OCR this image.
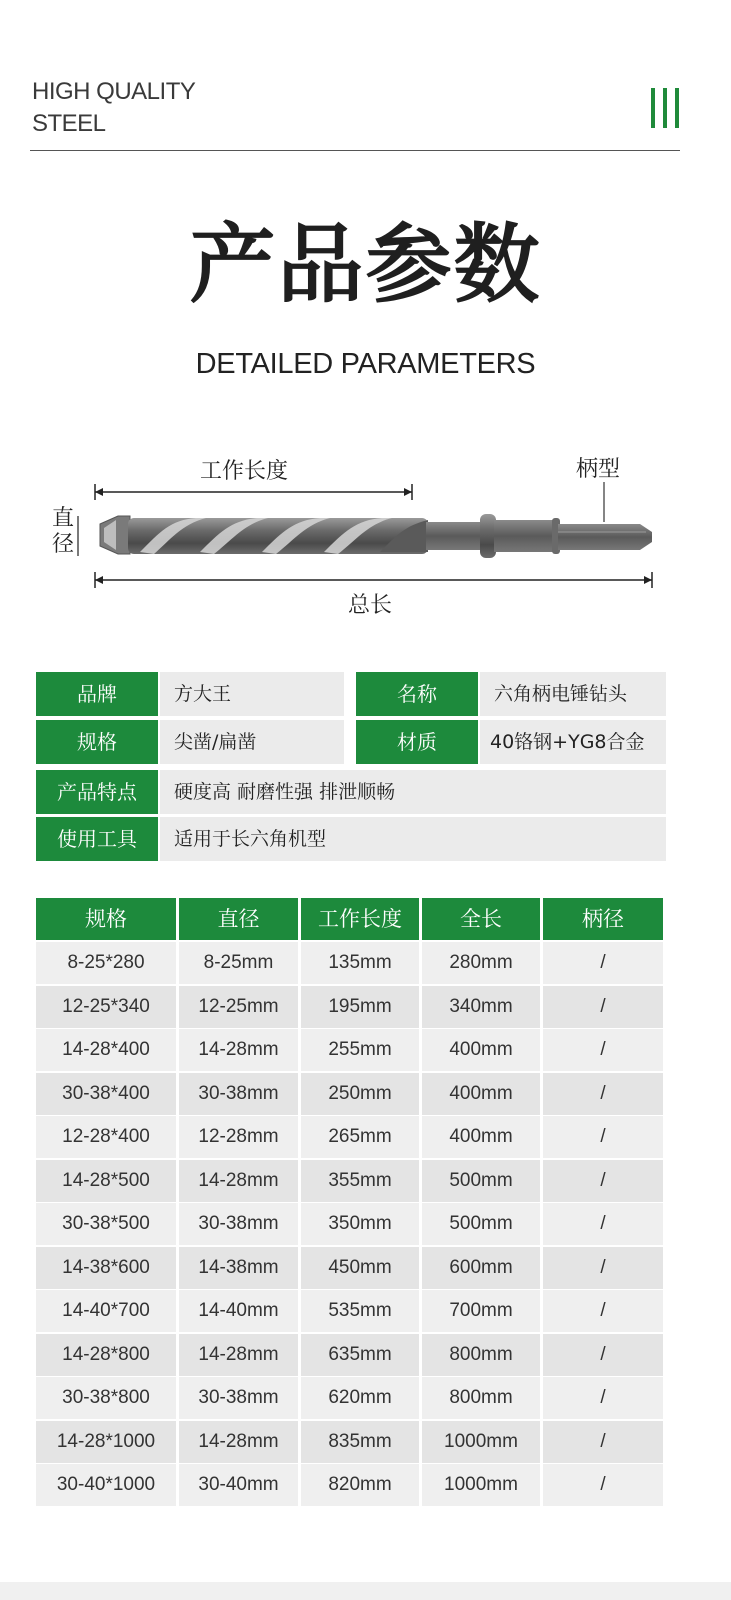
HIGH QUALITY
STEEL
产品参数
DETAILED PARAMETERS
工作长度	柄型
直
径
总长
品牌	方大王	名称	六角柄电锤钻头
规格	尖凿/扁凿	材质	40铬钢+YG8合金
产品特点	硬度高 耐磨性强 排泄顺畅
使用工具	适用于长六角机型
规格	直径	工作长度	全长	柄径
8-25*280	8-25mm	135mm	280mm	/
12-25*340	12-25mm	195mm	340mm	/
14-28*400	14-28mm	255mm	400mm	/
30-38*400	30-38mm	250mm	400mm	/
12-28*400	12-28mm	265mm	400mm	/
14-28*500	14-28mm	355mm	500mm	/
30-38*500	30-38mm	350mm	500mm	/
14-38*600	14-38mm	450mm	600mm	/
14-40*700	14-40mm	535mm	700mm	/
14-28*800	14-28mm	635mm	800mm	/
30-38*800	30-38mm	620mm	800mm	/
14-28*1000	14-28mm	835mm	1000mm	/
30-40*1000	30-40mm	820mm	1000mm	/
